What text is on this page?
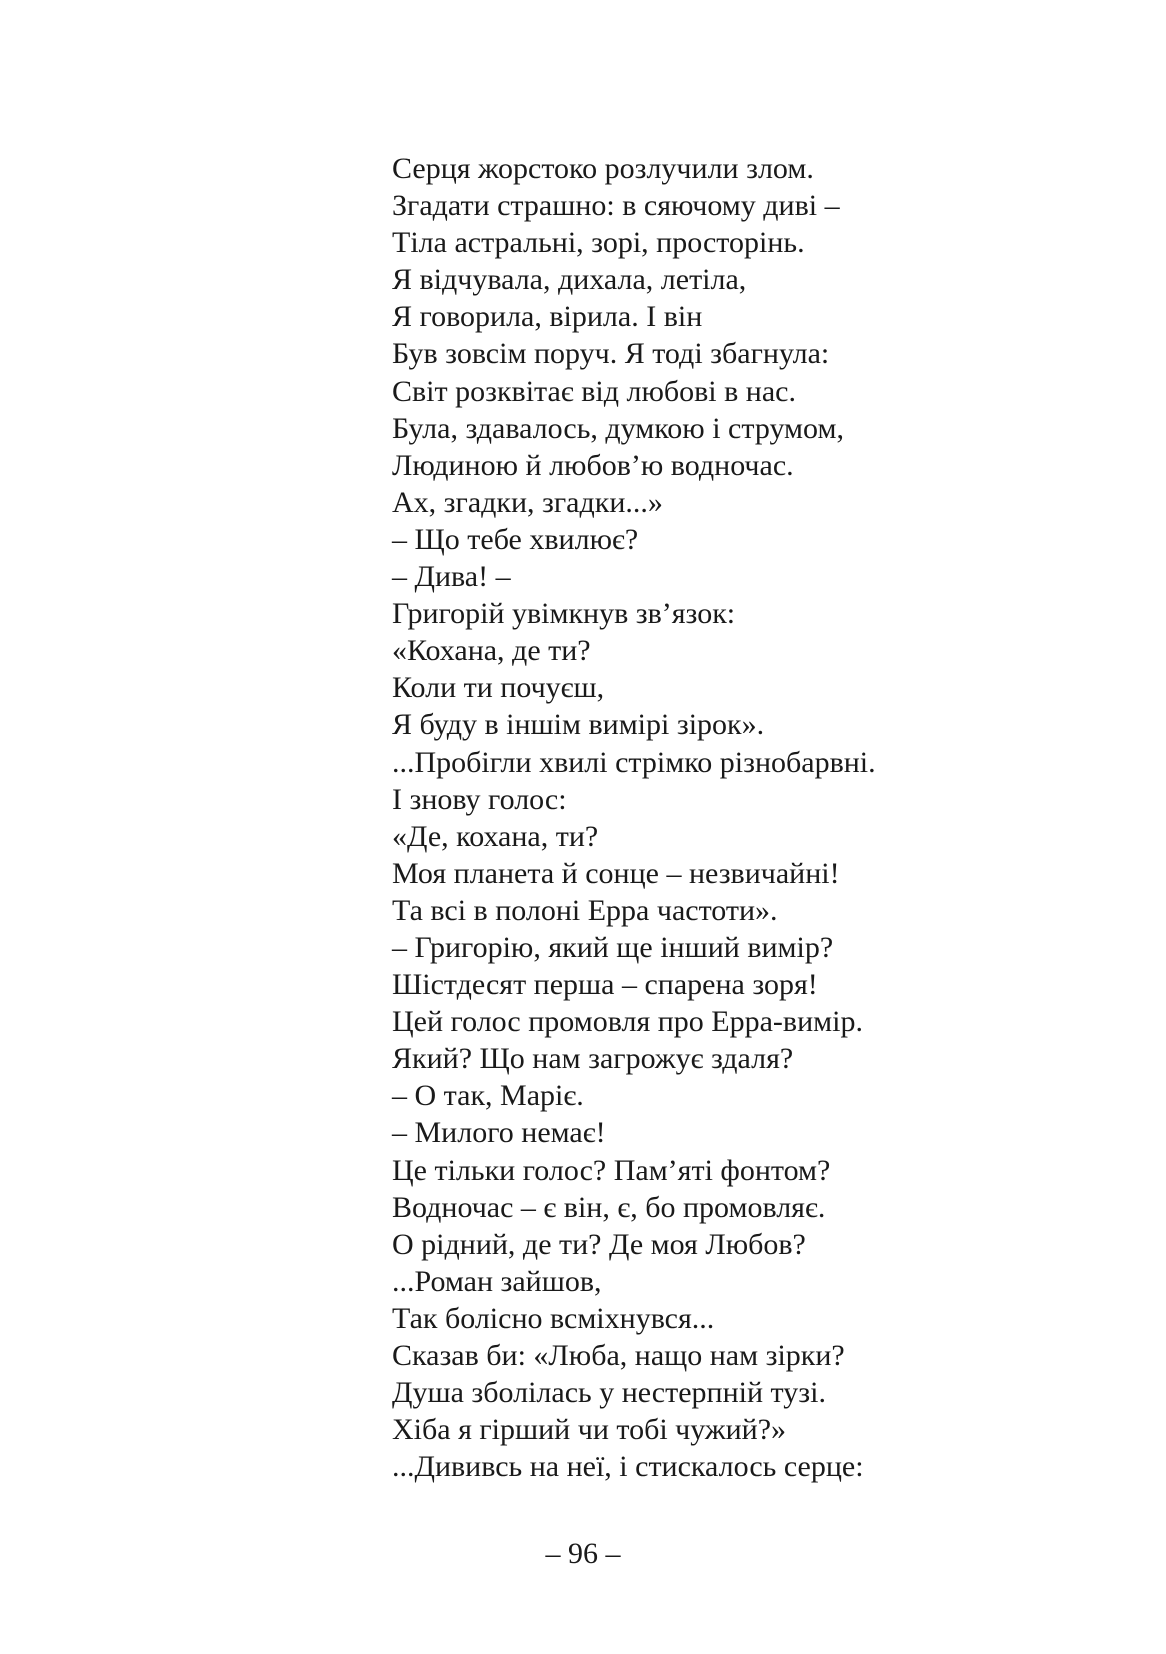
Серця жорстоко розлучили злом.
Згадати страшно: в сяючому диві –
Тіла астральні, зорі, просторінь.
Я відчувала, дихала, летіла,
Я говорила, вірила. І він
Був зовсім поруч. Я тоді збагнула:
Світ розквітає від любові в нас.
Була, здавалось, думкою і струмом,
Людиною й любов’ю водночас.
Ах, згадки, згадки...»
– Що тебе хвилює?
– Дива! –
Григорій увімкнув зв’язок:
«Кохана, де ти?
Коли ти почуєш,
Я буду в іншім вимірі зірок».
...Пробігли хвилі стрімко різнобарвні.
І знову голос:
«Де, кохана, ти?
Моя планета й сонце – незвичайні!
Та всі в полоні Ерра частоти».
– Григорію, який ще інший вимір?
Шістдесят перша – спарена зоря!
Цей голос промовля про Ерра-вимір.
Який? Що нам загрожує здаля?
– О так, Маріє.
– Милого немає!
Це тільки голос? Пам’яті фонтом?
Водночас – є він, є, бо промовляє.
О рідний, де ти? Де моя Любов?
...Роман зайшов,
Так болісно всміхнувся...
Сказав би: «Люба, нащо нам зірки?
Душа зболілась у нестерпній тузі.
Хіба я гірший чи тобі чужий?»
...Дививсь на неї, і стискалось серце:
– 96 –
